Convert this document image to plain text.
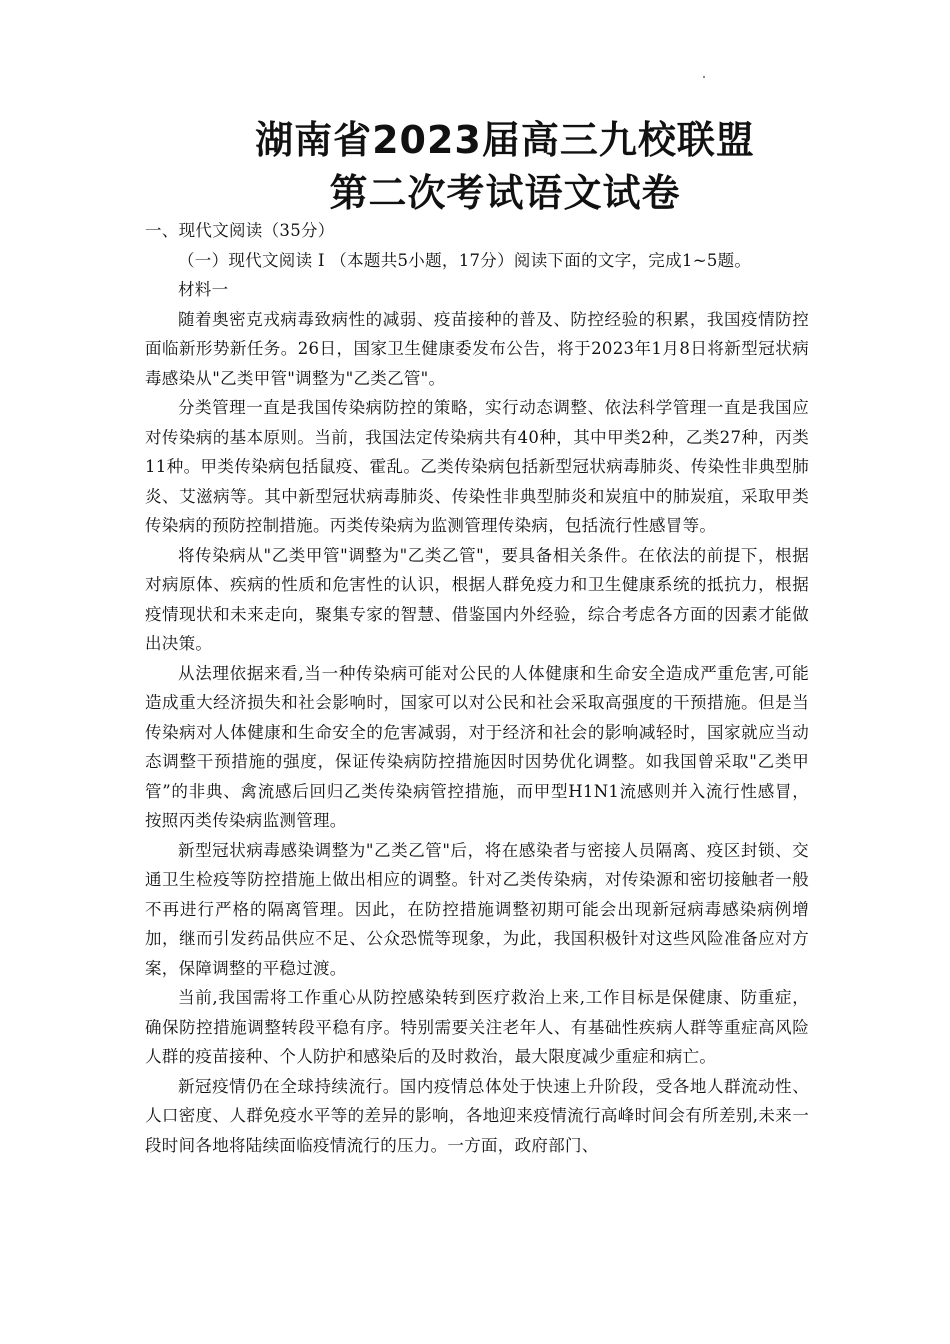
湖南省2023届高三九校联盟
第二次考试语文试卷

一、现代文阅读（35分）

（一）现代文阅读 Ⅰ （本题共5小题，17分）阅读下面的文字，完成1~5题。

材料一

随着奥密克戎病毒致病性的减弱、疫苗接种的普及、防控经验的积累，我国疫情防控面临新形势新任务。26日，国家卫生健康委发布公告，将于2023年1月8日将新型冠状病毒感染从"乙类甲管"调整为"乙类乙管"。

分类管理一直是我国传染病防控的策略，实行动态调整、依法科学管理一直是我国应对传染病的基本原则。当前，我国法定传染病共有40种，其中甲类2种，乙类27种，丙类11种。甲类传染病包括鼠疫、霍乱。乙类传染病包括新型冠状病毒肺炎、传染性非典型肺炎、艾滋病等。其中新型冠状病毒肺炎、传染性非典型肺炎和炭疽中的肺炭疽，采取甲类传染病的预防控制措施。丙类传染病为监测管理传染病，包括流行性感冒等。

将传染病从"乙类甲管"调整为"乙类乙管"，要具备相关条件。在依法的前提下，根据对病原体、疾病的性质和危害性的认识，根据人群免疫力和卫生健康系统的抵抗力，根据疫情现状和未来走向，聚集专家的智慧、借鉴国内外经验，综合考虑各方面的因素才能做出决策。

从法理依据来看,当一种传染病可能对公民的人体健康和生命安全造成严重危害,可能造成重大经济损失和社会影响时，国家可以对公民和社会采取高强度的干预措施。但是当传染病对人体健康和生命安全的危害减弱，对于经济和社会的影响减轻时，国家就应当动态调整干预措施的强度，保证传染病防控措施因时因势优化调整。如我国曾采取"乙类甲管”的非典、禽流感后回归乙类传染病管控措施，而甲型H1N1流感则并入流行性感冒，按照丙类传染病监测管理。

新型冠状病毒感染调整为"乙类乙管"后，将在感染者与密接人员隔离、疫区封锁、交通卫生检疫等防控措施上做出相应的调整。针对乙类传染病，对传染源和密切接触者一般不再进行严格的隔离管理。因此，在防控措施调整初期可能会出现新冠病毒感染病例增加，继而引发药品供应不足、公众恐慌等现象，为此，我国积极针对这些风险准备应对方案，保障调整的平稳过渡。

当前,我国需将工作重心从防控感染转到医疗救治上来,工作目标是保健康、防重症，确保防控措施调整转段平稳有序。特别需要关注老年人、有基础性疾病人群等重症高风险人群的疫苗接种、个人防护和感染后的及时救治，最大限度减少重症和病亡。

新冠疫情仍在全球持续流行。国内疫情总体处于快速上升阶段，受各地人群流动性、人口密度、人群免疫水平等的差异的影响，各地迎来疫情流行高峰时间会有所差别,未来一段时间各地将陆续面临疫情流行的压力。一方面，政府部门、
